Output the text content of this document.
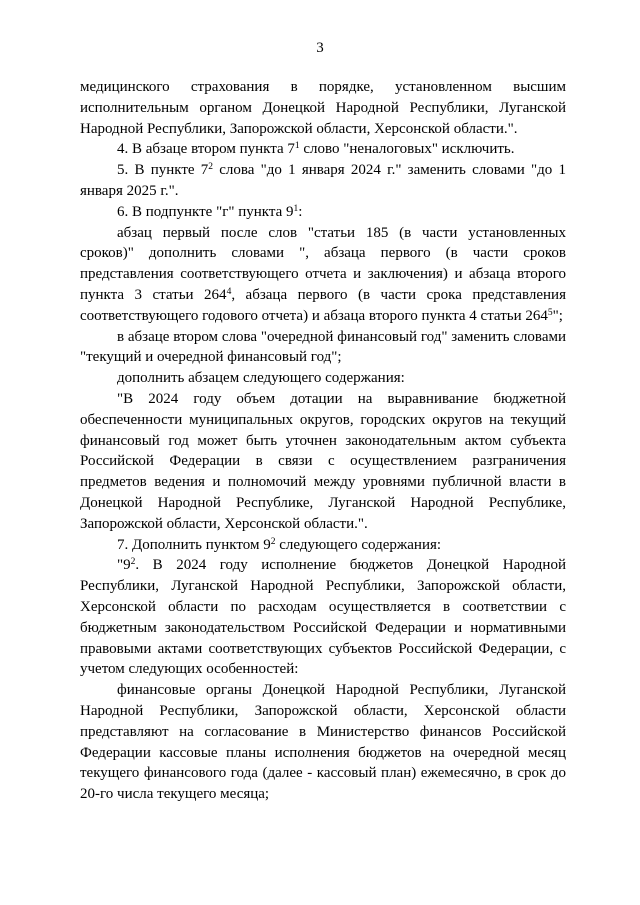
3

медицинского страхования в порядке, установленном высшим исполнительным органом Донецкой Народной Республики, Луганской Народной Республики, Запорожской области, Херсонской области.".

4. В абзаце втором пункта $7^1$ слово "неналоговых" исключить.

5. В пункте $7^2$ слова "до 1 января 2024 г." заменить словами "до 1 января 2025 г.".

6. В подпункте "г" пункта $9^1$:

абзац первый после слов "статьи 185 (в части установленных сроков)" дополнить словами ", абзаца первого (в части сроков представления соответствующего отчета и заключения) и абзаца второго пункта 3 статьи $264^4$, абзаца первого (в части срока представления соответствующего годового отчета) и абзаца второго пункта 4 статьи $264^5$";

в абзаце втором слова "очередной финансовый год" заменить словами "текущий и очередной финансовый год";

дополнить абзацем следующего содержания:

"В 2024 году объем дотации на выравнивание бюджетной обеспеченности муниципальных округов, городских округов на текущий финансовый год может быть уточнен законодательным актом субъекта Российской Федерации в связи с осуществлением разграничения предметов ведения и полномочий между уровнями публичной власти в Донецкой Народной Республике, Луганской Народной Республике, Запорожской области, Херсонской области.".

7. Дополнить пунктом $9^2$ следующего содержания:

"$9^2$. В 2024 году исполнение бюджетов Донецкой Народной Республики, Луганской Народной Республики, Запорожской области, Херсонской области по расходам осуществляется в соответствии с бюджетным законодательством Российской Федерации и нормативными правовыми актами соответствующих субъектов Российской Федерации, с учетом следующих особенностей:

финансовые органы Донецкой Народной Республики, Луганской Народной Республики, Запорожской области, Херсонской области представляют на согласование в Министерство финансов Российской Федерации кассовые планы исполнения бюджетов на очередной месяц текущего финансового года (далее - кассовый план) ежемесячно, в срок до 20-го числа текущего месяца;
